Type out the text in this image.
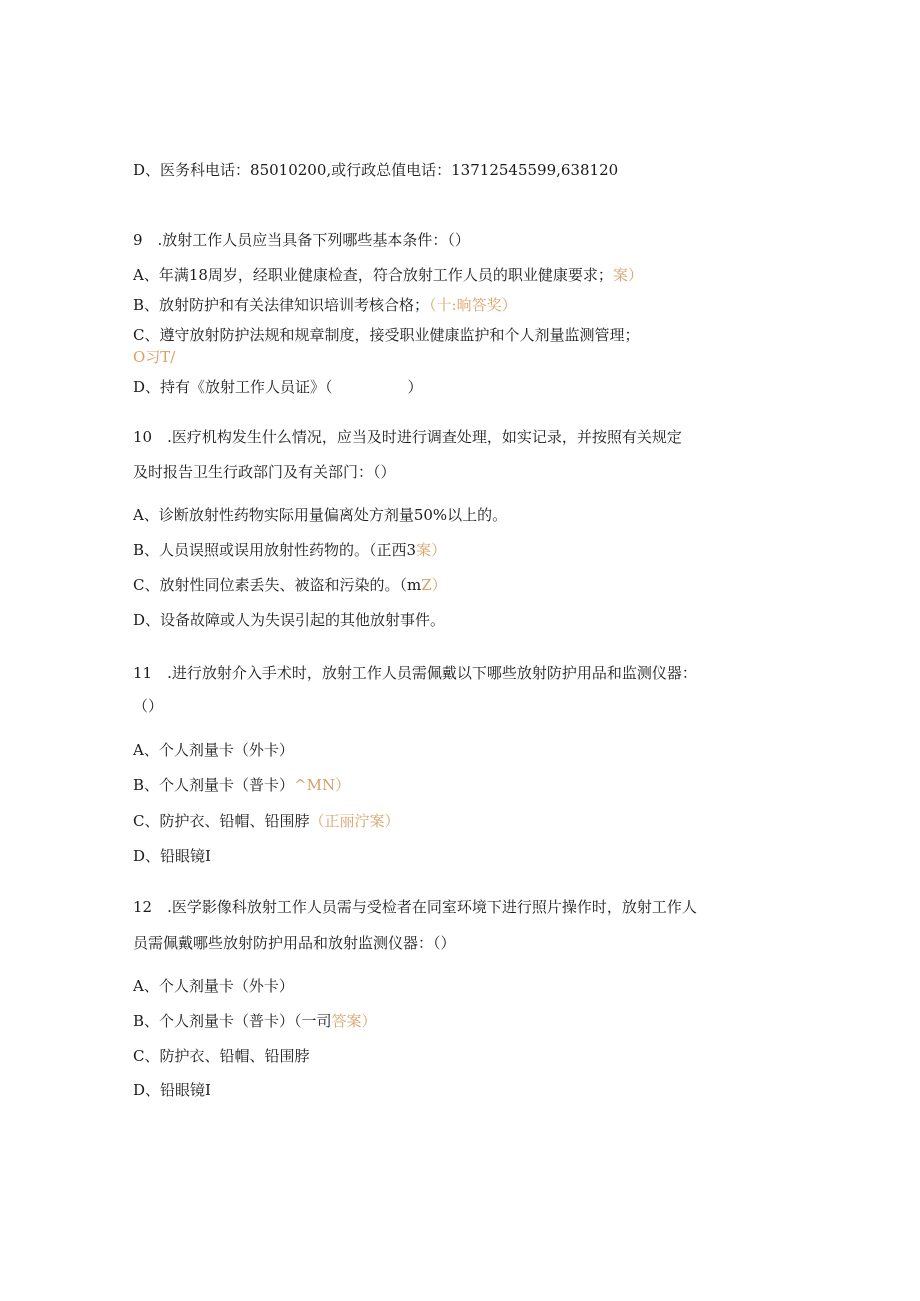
D、医务科电话：85010200,或行政总值电话：13712545599,638120
9　.放射工作人员应当具备下列哪些基本条件：（）
A、年满18周岁，经职业健康检查，符合放射工作人员的职业健康要求；案）
B、放射防护和有关法律知识培训考核合格；（十:晌答奖）
C、遵守放射防护法规和规章制度，接受职业健康监护和个人剂量监测管理；
O习T/
D、持有《放射工作人员证》（　　　　　）
10　.医疗机构发生什么情况，应当及时进行调查处理，如实记录，并按照有关规定
及时报告卫生行政部门及有关部门：（）
A、诊断放射性药物实际用量偏离处方剂量50%以上的。
B、人员误照或误用放射性药物的。（正西3案）
C、放射性同位素丢失、被盗和污染的。（mZ）
D、设备故障或人为失误引起的其他放射事件。
11　.进行放射介入手术时，放射工作人员需佩戴以下哪些放射防护用品和监测仪器：
（）
A、个人剂量卡（外卡）
B、个人剂量卡（普卡）^MN）
C、防护衣、铅帽、铅围脖（正丽泞案）
D、铅眼镜I
12　.医学影像科放射工作人员需与受检者在同室环境下进行照片操作时，放射工作人
员需佩戴哪些放射防护用品和放射监测仪器：（）
A、个人剂量卡（外卡）
B、个人剂量卡（普卡）（一司答案）
C、防护衣、铅帽、铅围脖
D、铅眼镜I
